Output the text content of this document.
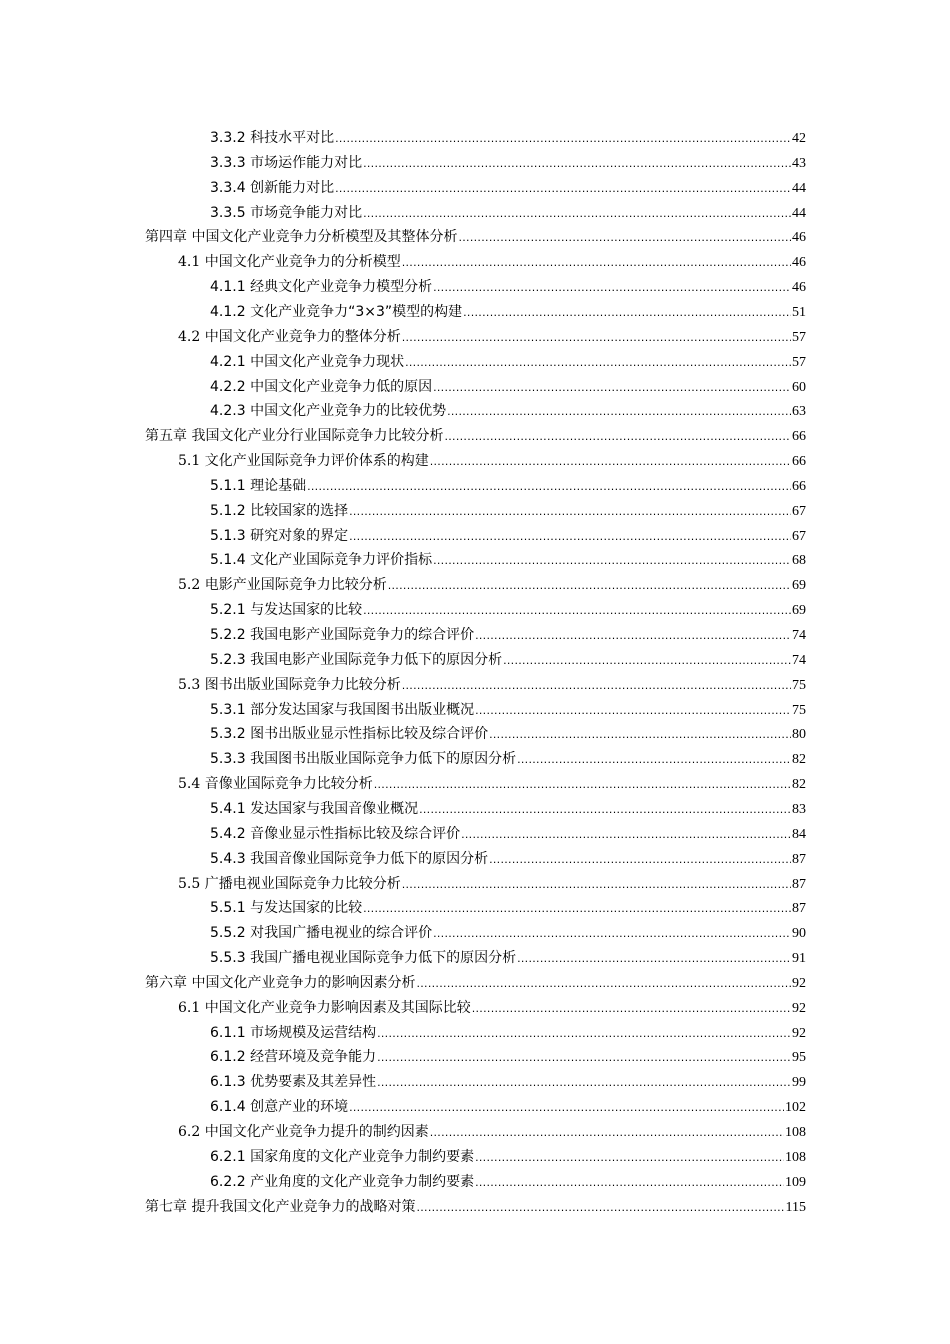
3.3.2 科技水平对比 .....	42
3.3.3 市场运作能力对比 .....	43
3.3.4 创新能力对比 .....	44
3.3.5 市场竞争能力对比 .....	44
第四章 中国文化产业竞争力分析模型及其整体分析 .....	46
4.1 中国文化产业竞争力的分析模型 .....	46
4.1.1 经典文化产业竞争力模型分析 .....	46
4.1.2 文化产业竞争力“3×3”模型的构建 .....	51
4.2 中国文化产业竞争力的整体分析 .....	57
4.2.1 中国文化产业竞争力现状 .....	57
4.2.2 中国文化产业竞争力低的原因 .....	60
4.2.3 中国文化产业竞争力的比较优势 .....	63
第五章 我国文化产业分行业国际竞争力比较分析 .....	66
5.1 文化产业国际竞争力评价体系的构建 .....	66
5.1.1 理论基础 .....	66
5.1.2 比较国家的选择 .....	67
5.1.3 研究对象的界定 .....	67
5.1.4 文化产业国际竞争力评价指标 .....	68
5.2 电影产业国际竞争力比较分析 .....	69
5.2.1 与发达国家的比较 .....	69
5.2.2 我国电影产业国际竞争力的综合评价 .....	74
5.2.3 我国电影产业国际竞争力低下的原因分析 .....	74
5.3 图书出版业国际竞争力比较分析 .....	75
5.3.1 部分发达国家与我国图书出版业概况 .....	75
5.3.2 图书出版业显示性指标比较及综合评价 .....	80
5.3.3 我国图书出版业国际竞争力低下的原因分析 .....	82
5.4 音像业国际竞争力比较分析 .....	82
5.4.1 发达国家与我国音像业概况 .....	83
5.4.2 音像业显示性指标比较及综合评价 .....	84
5.4.3 我国音像业国际竞争力低下的原因分析 .....	87
5.5 广播电视业国际竞争力比较分析 .....	87
5.5.1 与发达国家的比较 .....	87
5.5.2 对我国广播电视业的综合评价 .....	90
5.5.3 我国广播电视业国际竞争力低下的原因分析 .....	91
第六章 中国文化产业竞争力的影响因素分析 .....	92
6.1 中国文化产业竞争力影响因素及其国际比较 .....	92
6.1.1 市场规模及运营结构 .....	92
6.1.2 经营环境及竞争能力 .....	95
6.1.3 优势要素及其差异性 .....	99
6.1.4 创意产业的环境 .....	102
6.2 中国文化产业竞争力提升的制约因素 .....	108
6.2.1 国家角度的文化产业竞争力制约要素 .....	108
6.2.2 产业角度的文化产业竞争力制约要素 .....	109
第七章 提升我国文化产业竞争力的战略对策 .....	115
